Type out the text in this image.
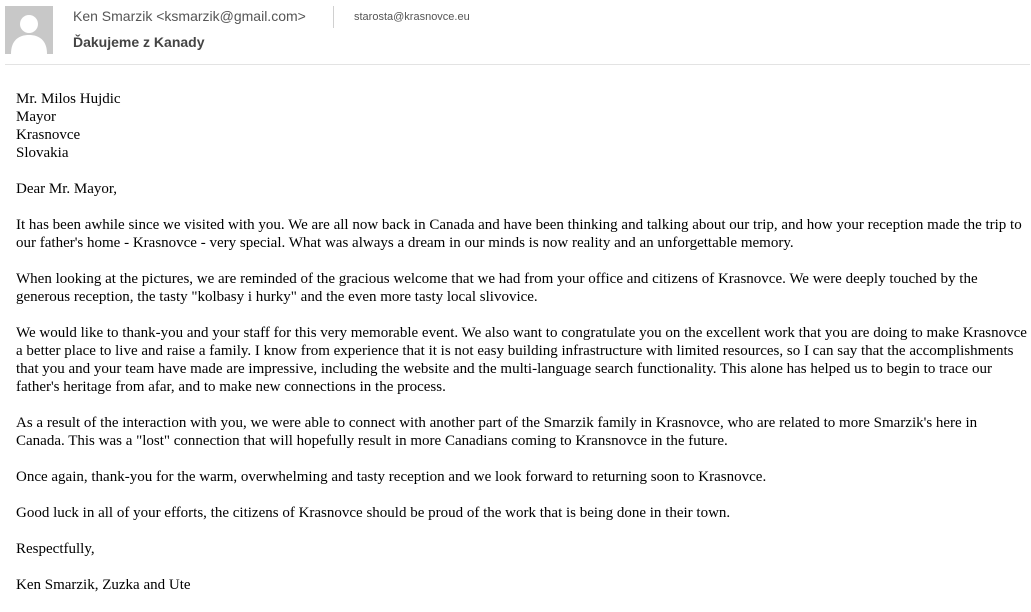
Ken Smarzik <ksmarzik@gmail.com>	starosta@krasnovce.eu
Ďakujeme z Kanady

Mr. Milos Hujdic
Mayor
Krasnovce
Slovakia

Dear Mr. Mayor,

It has been awhile since we visited with you. We are all now back in Canada and have been thinking and talking about our trip, and how your reception made the trip to our father's home - Krasnovce - very special. What was always a dream in our minds is now reality and an unforgettable memory.

When looking at the pictures, we are reminded of the gracious welcome that we had from your office and citizens of Krasnovce. We were deeply touched by the generous reception, the tasty "kolbasy i hurky" and the even more tasty local slivovice.

We would like to thank-you and your staff for this very memorable event. We also want to congratulate you on the excellent work that you are doing to make Krasnovce a better place to live and raise a family. I know from experience that it is not easy building infrastructure with limited resources, so I can say that the accomplishments that you and your team have made are impressive, including the website and the multi-language search functionality. This alone has helped us to begin to trace our father's heritage from afar, and to make new connections in the process.

As a result of the interaction with you, we were able to connect with another part of the Smarzik family in Krasnovce, who are related to more Smarzik's here in Canada. This was a "lost" connection that will hopefully result in more Canadians coming to Kransnovce in the future.

Once again, thank-you for the warm, overwhelming and tasty reception and we look forward to returning soon to Krasnovce.

Good luck in all of your efforts, the citizens of Krasnovce should be proud of the work that is being done in their town.

Respectfully,

Ken Smarzik, Zuzka and Ute
